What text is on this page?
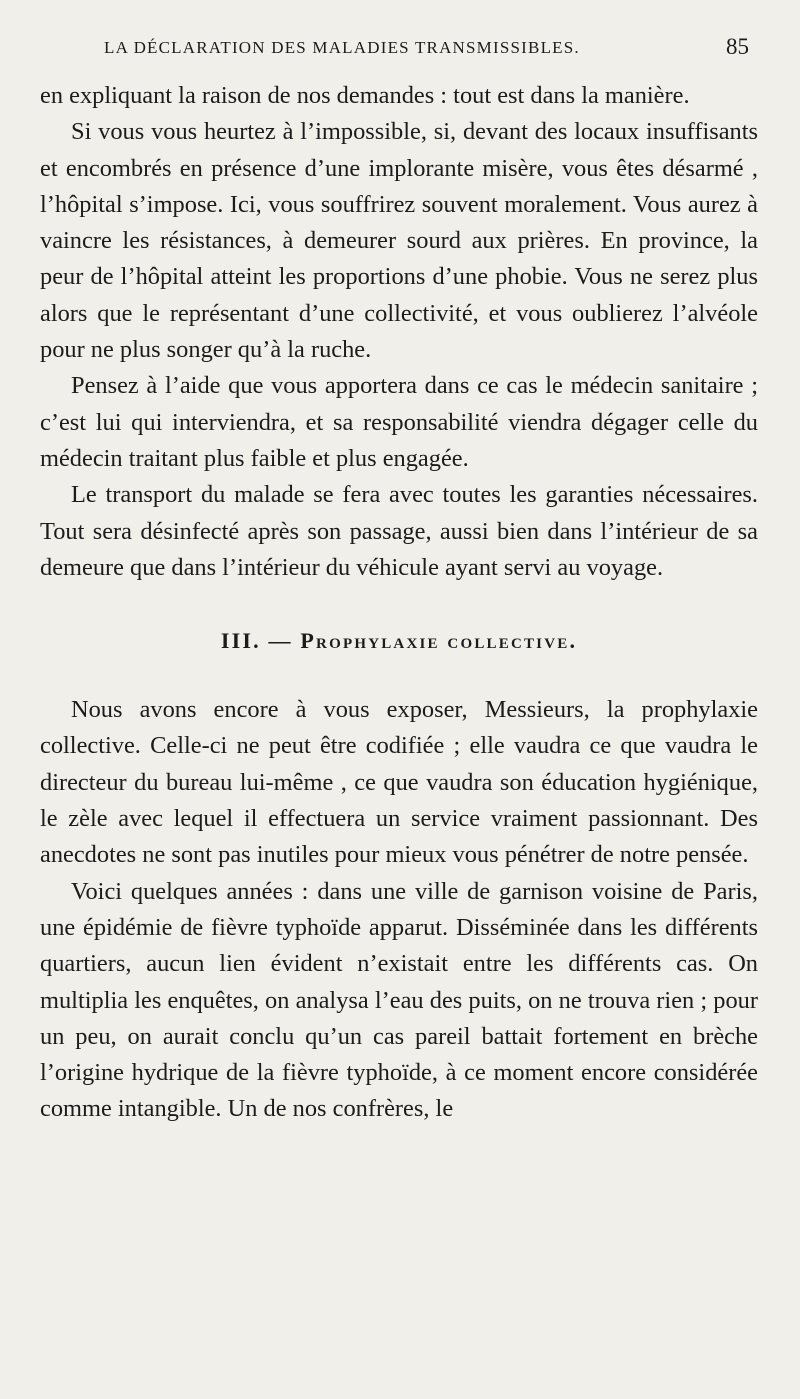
LA DÉCLARATION DES MALADIES TRANSMISSIBLES.	85

en expliquant la raison de nos demandes : tout est dans la manière.

Si vous vous heurtez à l’impossible, si, devant des locaux insuffisants et encombrés en présence d’une implorante misère, vous êtes désarmé , l’hôpital s’impose. Ici, vous souffrirez souvent moralement. Vous aurez à vaincre les résistances, à demeurer sourd aux prières. En province, la peur de l’hôpital atteint les proportions d’une phobie. Vous ne serez plus alors que le représentant d’une collectivité, et vous oublierez l’alvéole pour ne plus songer qu’à la ruche.

Pensez à l’aide que vous apportera dans ce cas le médecin sanitaire ; c’est lui qui interviendra, et sa responsabilité viendra dégager celle du médecin traitant plus faible et plus engagée.

Le transport du malade se fera avec toutes les garanties nécessaires. Tout sera désinfecté après son passage, aussi bien dans l’intérieur de sa demeure que dans l’intérieur du véhicule ayant servi au voyage.

III. — Prophylaxie collective.

Nous avons encore à vous exposer, Messieurs, la prophylaxie collective. Celle-ci ne peut être codifiée ; elle vaudra ce que vaudra le directeur du bureau lui-même , ce que vaudra son éducation hygiénique, le zèle avec lequel il effectuera un service vraiment passionnant. Des anecdotes ne sont pas inutiles pour mieux vous pénétrer de notre pensée.

Voici quelques années : dans une ville de garnison voisine de Paris, une épidémie de fièvre typhoïde apparut. Disséminée dans les différents quartiers, aucun lien évident n’existait entre les différents cas. On multiplia les enquêtes, on analysa l’eau des puits, on ne trouva rien ; pour un peu, on aurait conclu qu’un cas pareil battait fortement en brèche l’origine hydrique de la fièvre typhoïde, à ce moment encore considérée comme intangible. Un de nos confrères, le
